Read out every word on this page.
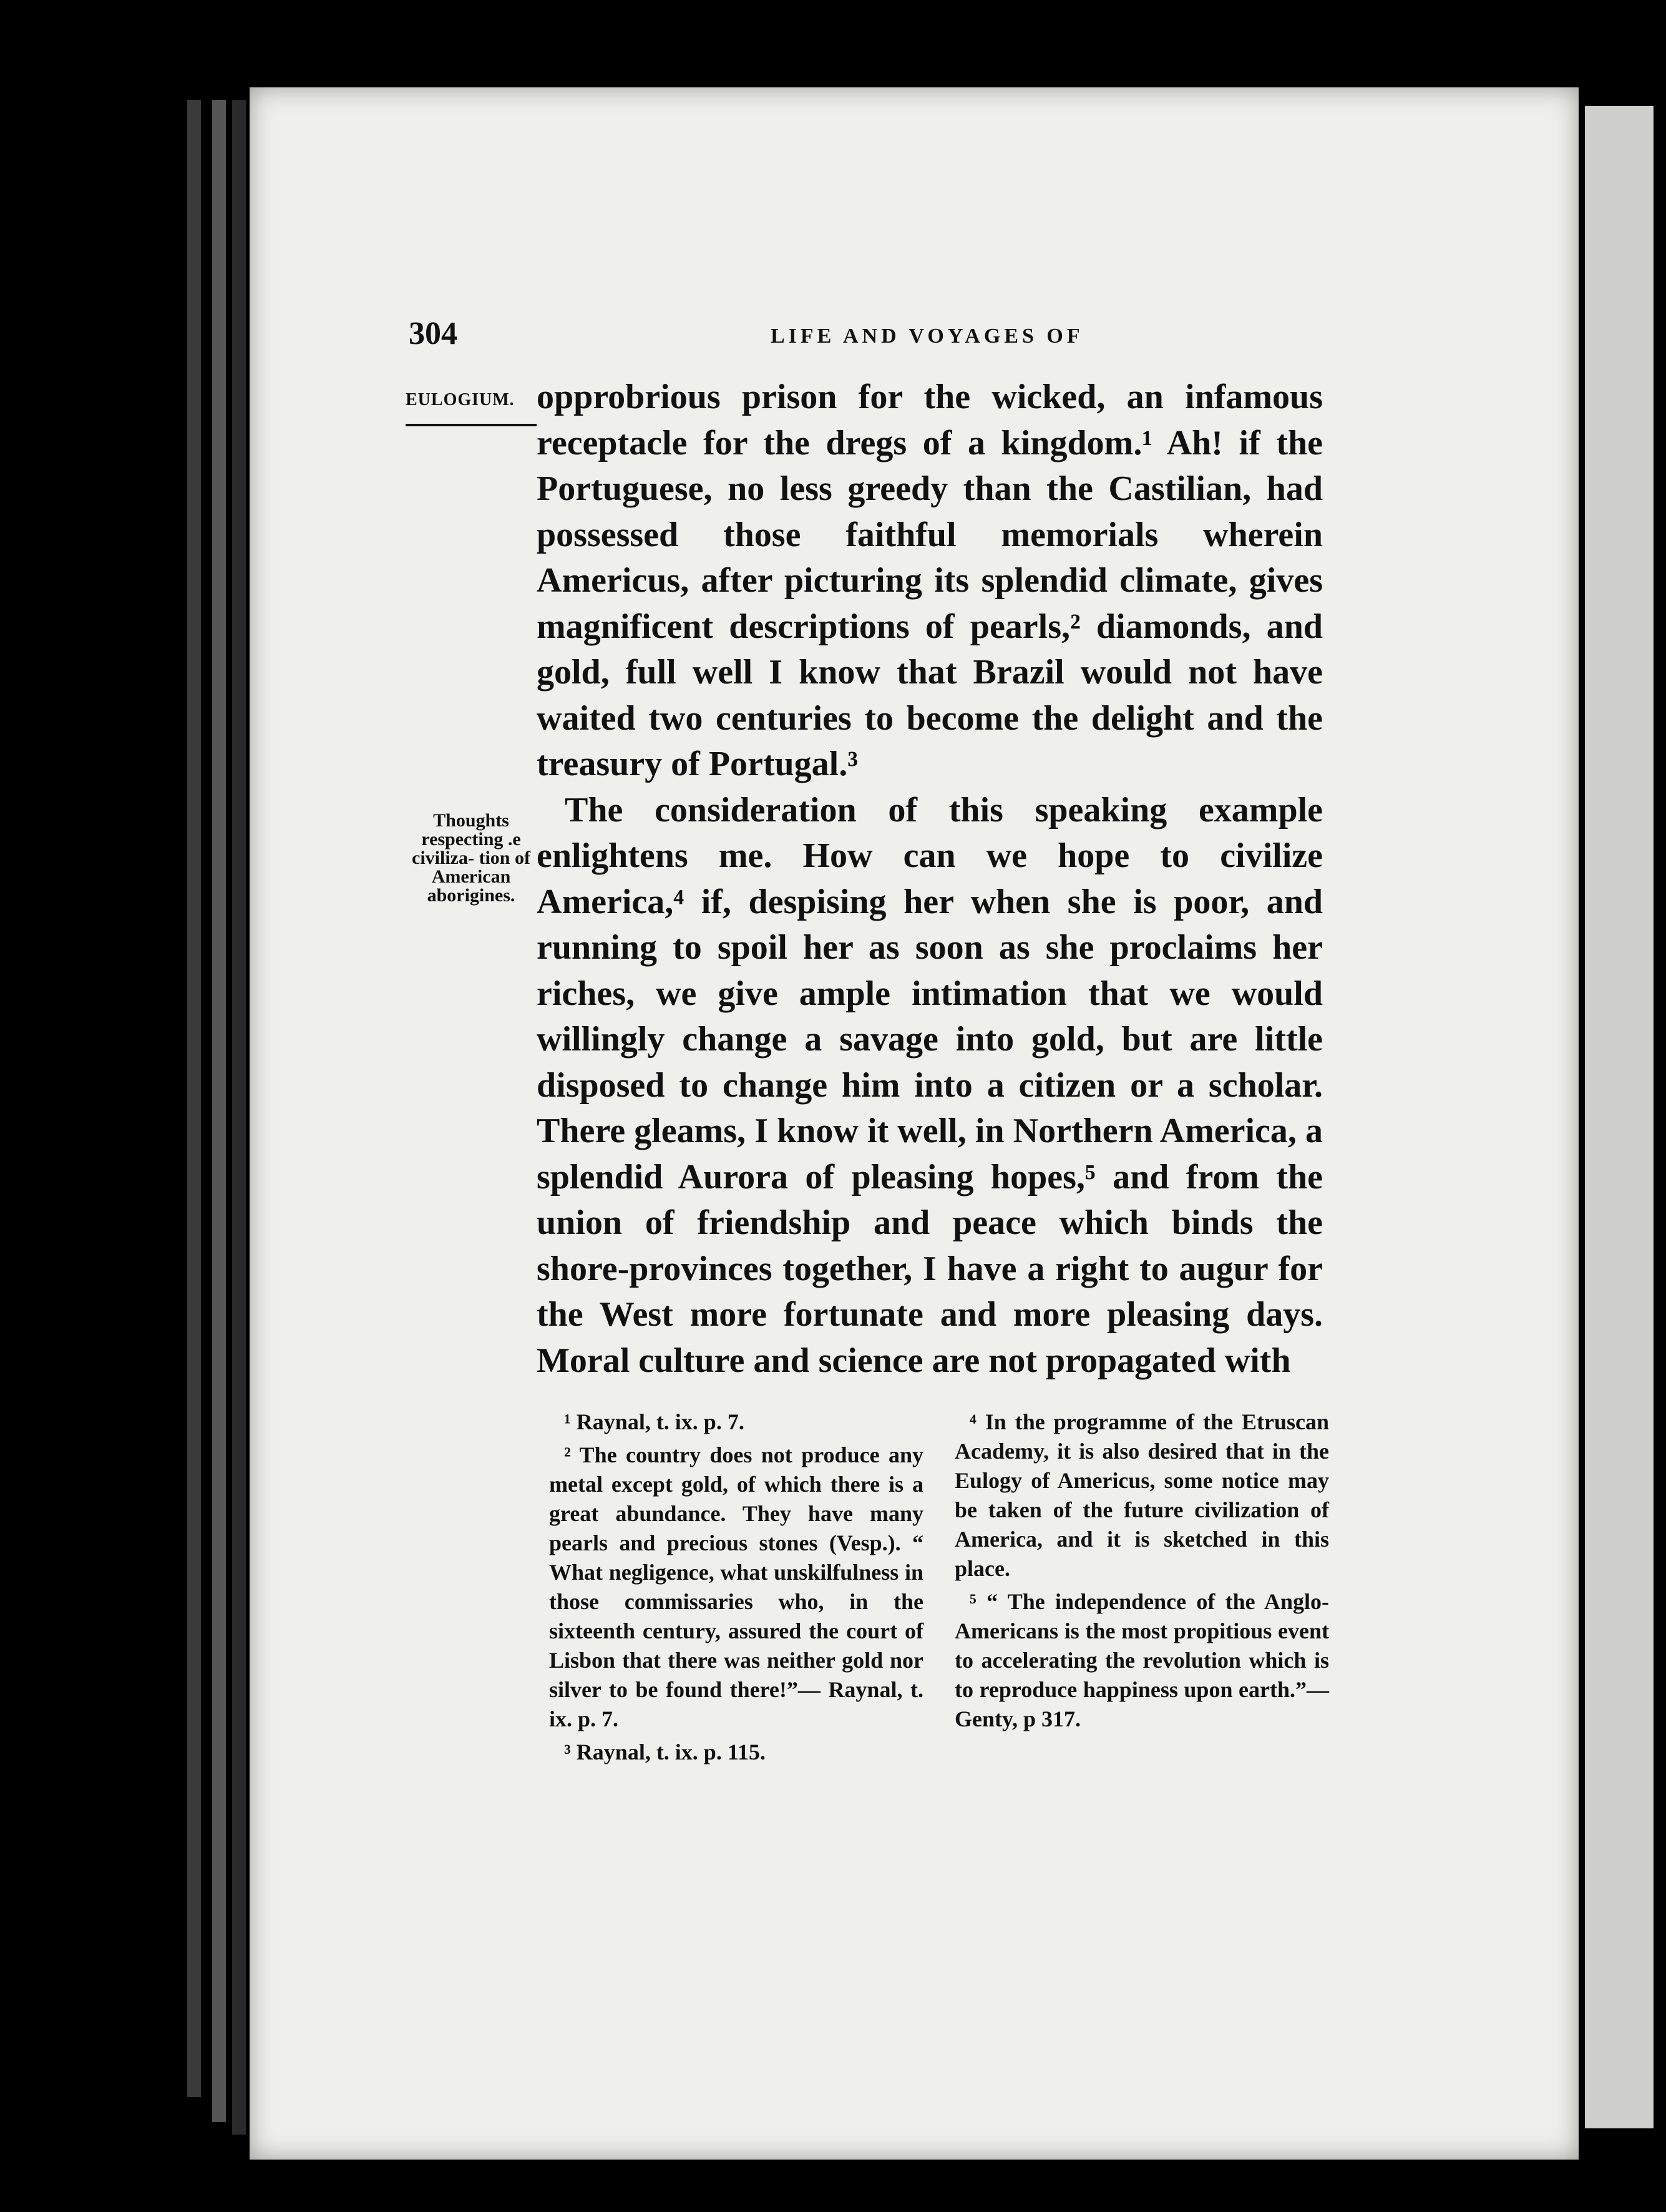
304	LIFE AND VOYAGES OF
EULOGIUM.
Thoughts respecting .e civiliza- tion of American aborigines.

opprobrious prison for the wicked, an infamous receptacle for the dregs of a kingdom.¹ Ah! if the Portuguese, no less greedy than the Castilian, had possessed those faithful memorials wherein Americus, after picturing its splendid climate, gives magnificent descriptions of pearls,² diamonds, and gold, full well I know that Brazil would not have waited two centuries to become the delight and the treasury of Portugal.³

The consideration of this speaking example enlightens me. How can we hope to civilize America,⁴ if, despising her when she is poor, and running to spoil her as soon as she proclaims her riches, we give ample intimation that we would willingly change a savage into gold, but are little disposed to change him into a citizen or a scholar. There gleams, I know it well, in Northern America, a splendid Aurora of pleasing hopes,⁵ and from the union of friendship and peace which binds the shore-provinces together, I have a right to augur for the West more fortunate and more pleasing days. Moral culture and science are not propagated with

¹ Raynal, t. ix. p. 7.

² The country does not produce any metal except gold, of which there is a great abundance. They have many pearls and precious stones (Vesp.). “ What negligence, what unskilfulness in those commissaries who, in the sixteenth century, assured the court of Lisbon that there was neither gold nor silver to be found there!”— Raynal, t. ix. p. 7.

³ Raynal, t. ix. p. 115.

⁴ In the programme of the Etruscan Academy, it is also desired that in the Eulogy of Americus, some notice may be taken of the future civilization of America, and it is sketched in this place.

⁵ “ The independence of the Anglo-Americans is the most propitious event to accelerating the revolution which is to reproduce happiness upon earth.”—Genty, p 317.
